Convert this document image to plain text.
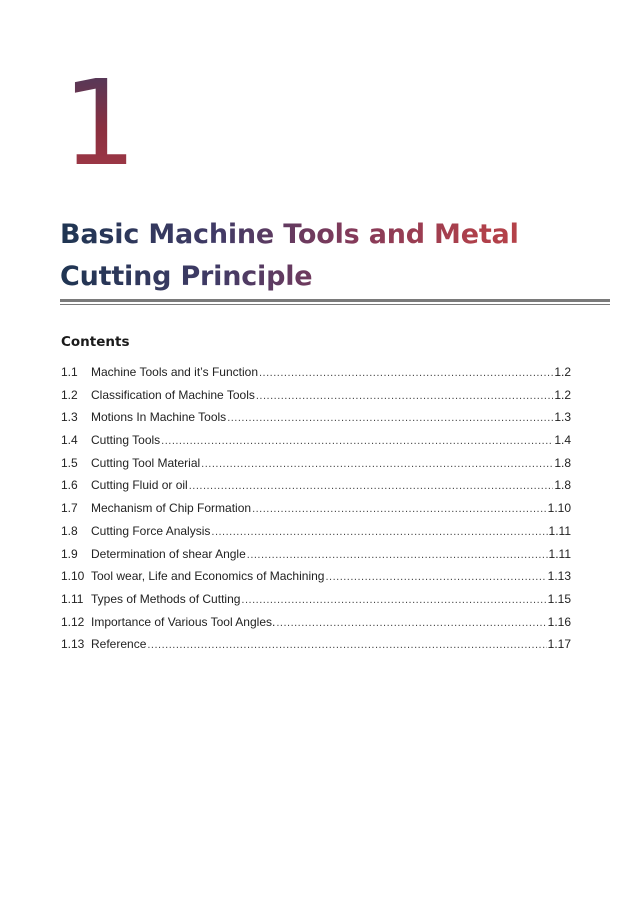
1
Basic Machine Tools and Metal Cutting Principle
Contents
1.1	Machine Tools and it’s Function .....	1.2
1.2	Classification of Machine Tools .....	1.2
1.3	Motions In Machine Tools .....	1.3
1.4	Cutting Tools .....	1.4
1.5	Cutting Tool Material .....	1.8
1.6	Cutting Fluid or oil .....	1.8
1.7	Mechanism of Chip Formation .....	1.10
1.8	Cutting Force Analysis .....	1.11
1.9	Determination of shear Angle .....	1.11
1.10 Tool wear, Life and Economics of Machining .....	1.13
1.11 Types of Methods of Cutting .....	1.15
1.12 Importance of Various Tool Angles. .....	1.16
1.13 Reference .....	1.17
